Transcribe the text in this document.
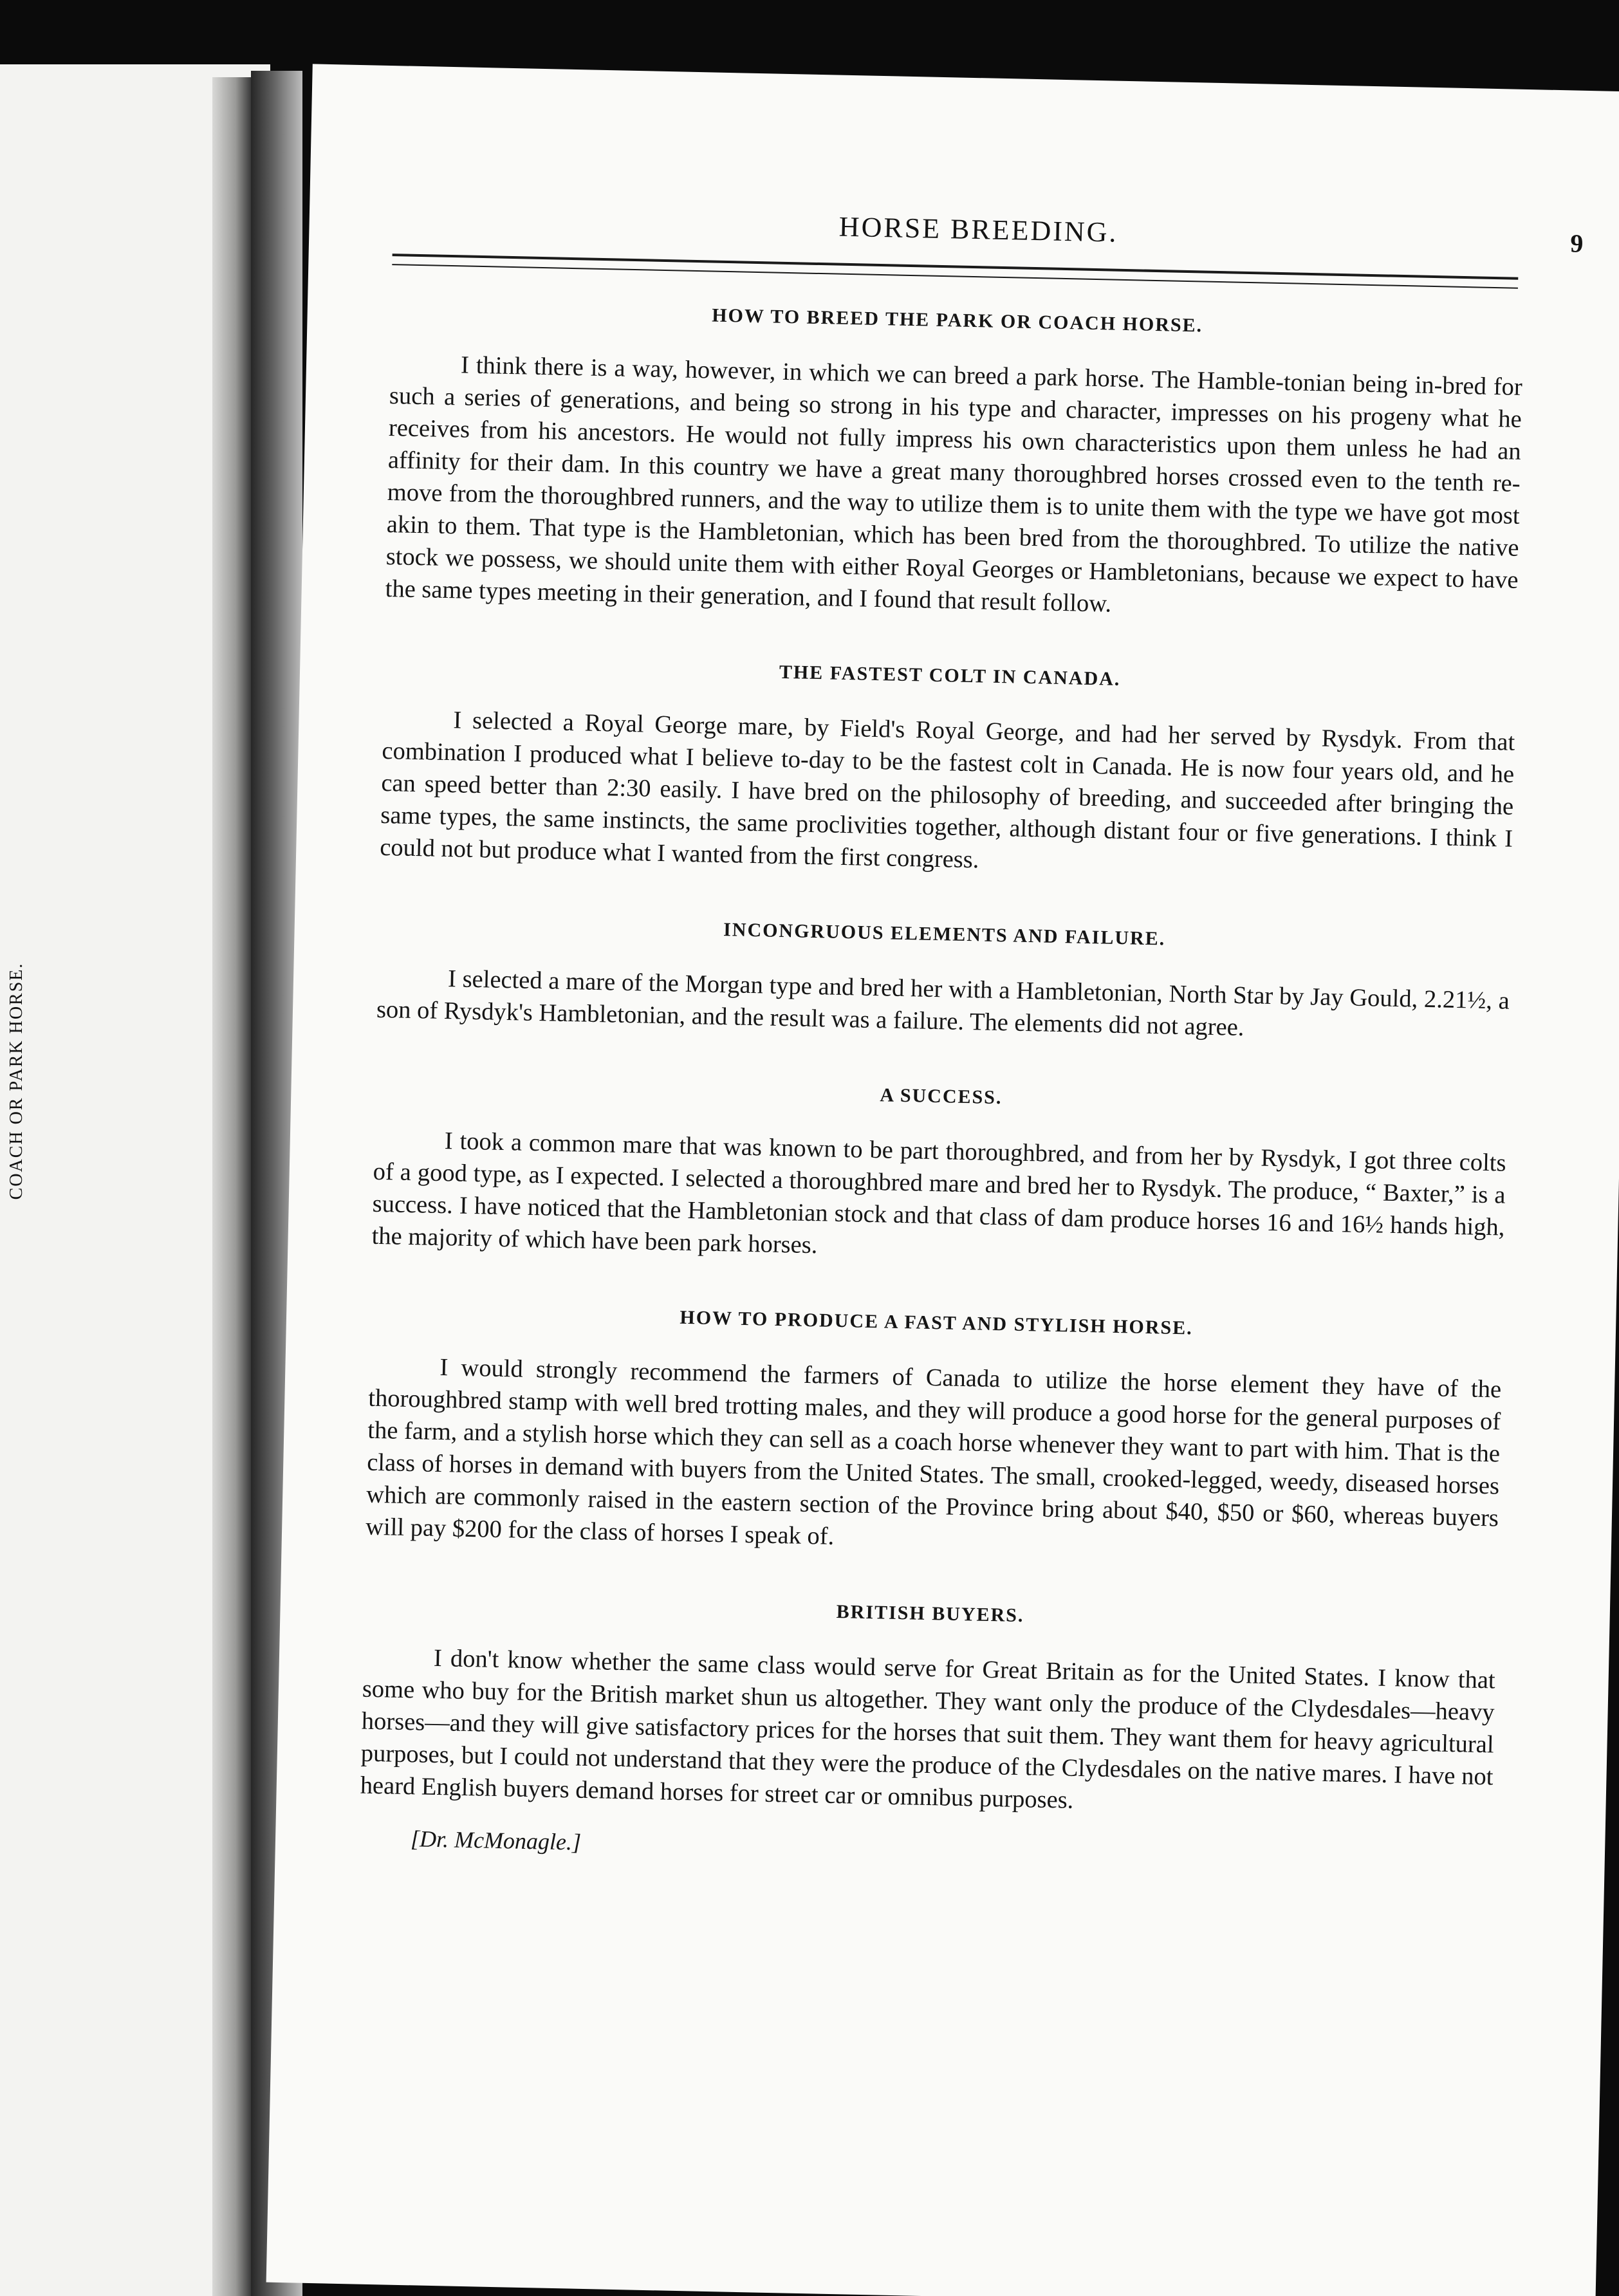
COACH OR PARK HORSE.
HORSE BREEDING.	9
HOW TO BREED THE PARK OR COACH HORSE.

I think there is a way, however, in which we can breed a park horse. The Hamble-tonian being in-bred for such a series of generations, and being so strong in his type and character, impresses on his progeny what he receives from his ancestors. He would not fully impress his own characteristics upon them unless he had an affinity for their dam. In this country we have a great many thoroughbred horses crossed even to the tenth re-move from the thoroughbred runners, and the way to utilize them is to unite them with the type we have got most akin to them. That type is the Hambletonian, which has been bred from the thoroughbred. To utilize the native stock we possess, we should unite them with either Royal Georges or Hambletonians, because we expect to have the same types meeting in their generation, and I found that result follow.

THE FASTEST COLT IN CANADA.

I selected a Royal George mare, by Field's Royal George, and had her served by Rysdyk. From that combination I produced what I believe to-day to be the fastest colt in Canada. He is now four years old, and he can speed better than 2:30 easily. I have bred on the philosophy of breeding, and succeeded after bringing the same types, the same instincts, the same proclivities together, although distant four or five generations. I think I could not but produce what I wanted from the first congress.

INCONGRUOUS ELEMENTS AND FAILURE.

I selected a mare of the Morgan type and bred her with a Hambletonian, North Star by Jay Gould, 2.21½, a son of Rysdyk's Hambletonian, and the result was a failure. The elements did not agree.

A SUCCESS.

I took a common mare that was known to be part thoroughbred, and from her by Rysdyk, I got three colts of a good type, as I expected. I selected a thoroughbred mare and bred her to Rysdyk. The produce, “ Baxter,” is a success. I have noticed that the Hambletonian stock and that class of dam produce horses 16 and 16½ hands high, the majority of which have been park horses.

HOW TO PRODUCE A FAST AND STYLISH HORSE.

I would strongly recommend the farmers of Canada to utilize the horse element they have of the thoroughbred stamp with well bred trotting males, and they will produce a good horse for the general purposes of the farm, and a stylish horse which they can sell as a coach horse whenever they want to part with him. That is the class of horses in demand with buyers from the United States. The small, crooked-legged, weedy, diseased horses which are commonly raised in the eastern section of the Province bring about $40, $50 or $60, whereas buyers will pay $200 for the class of horses I speak of.

BRITISH BUYERS.

I don't know whether the same class would serve for Great Britain as for the United States. I know that some who buy for the British market shun us altogether. They want only the produce of the Clydesdales—heavy horses—and they will give satisfactory prices for the horses that suit them. They want them for heavy agricultural purposes, but I could not understand that they were the produce of the Clydesdales on the native mares. I have not heard English buyers demand horses for street car or omnibus purposes.

[Dr. McMonagle.]
